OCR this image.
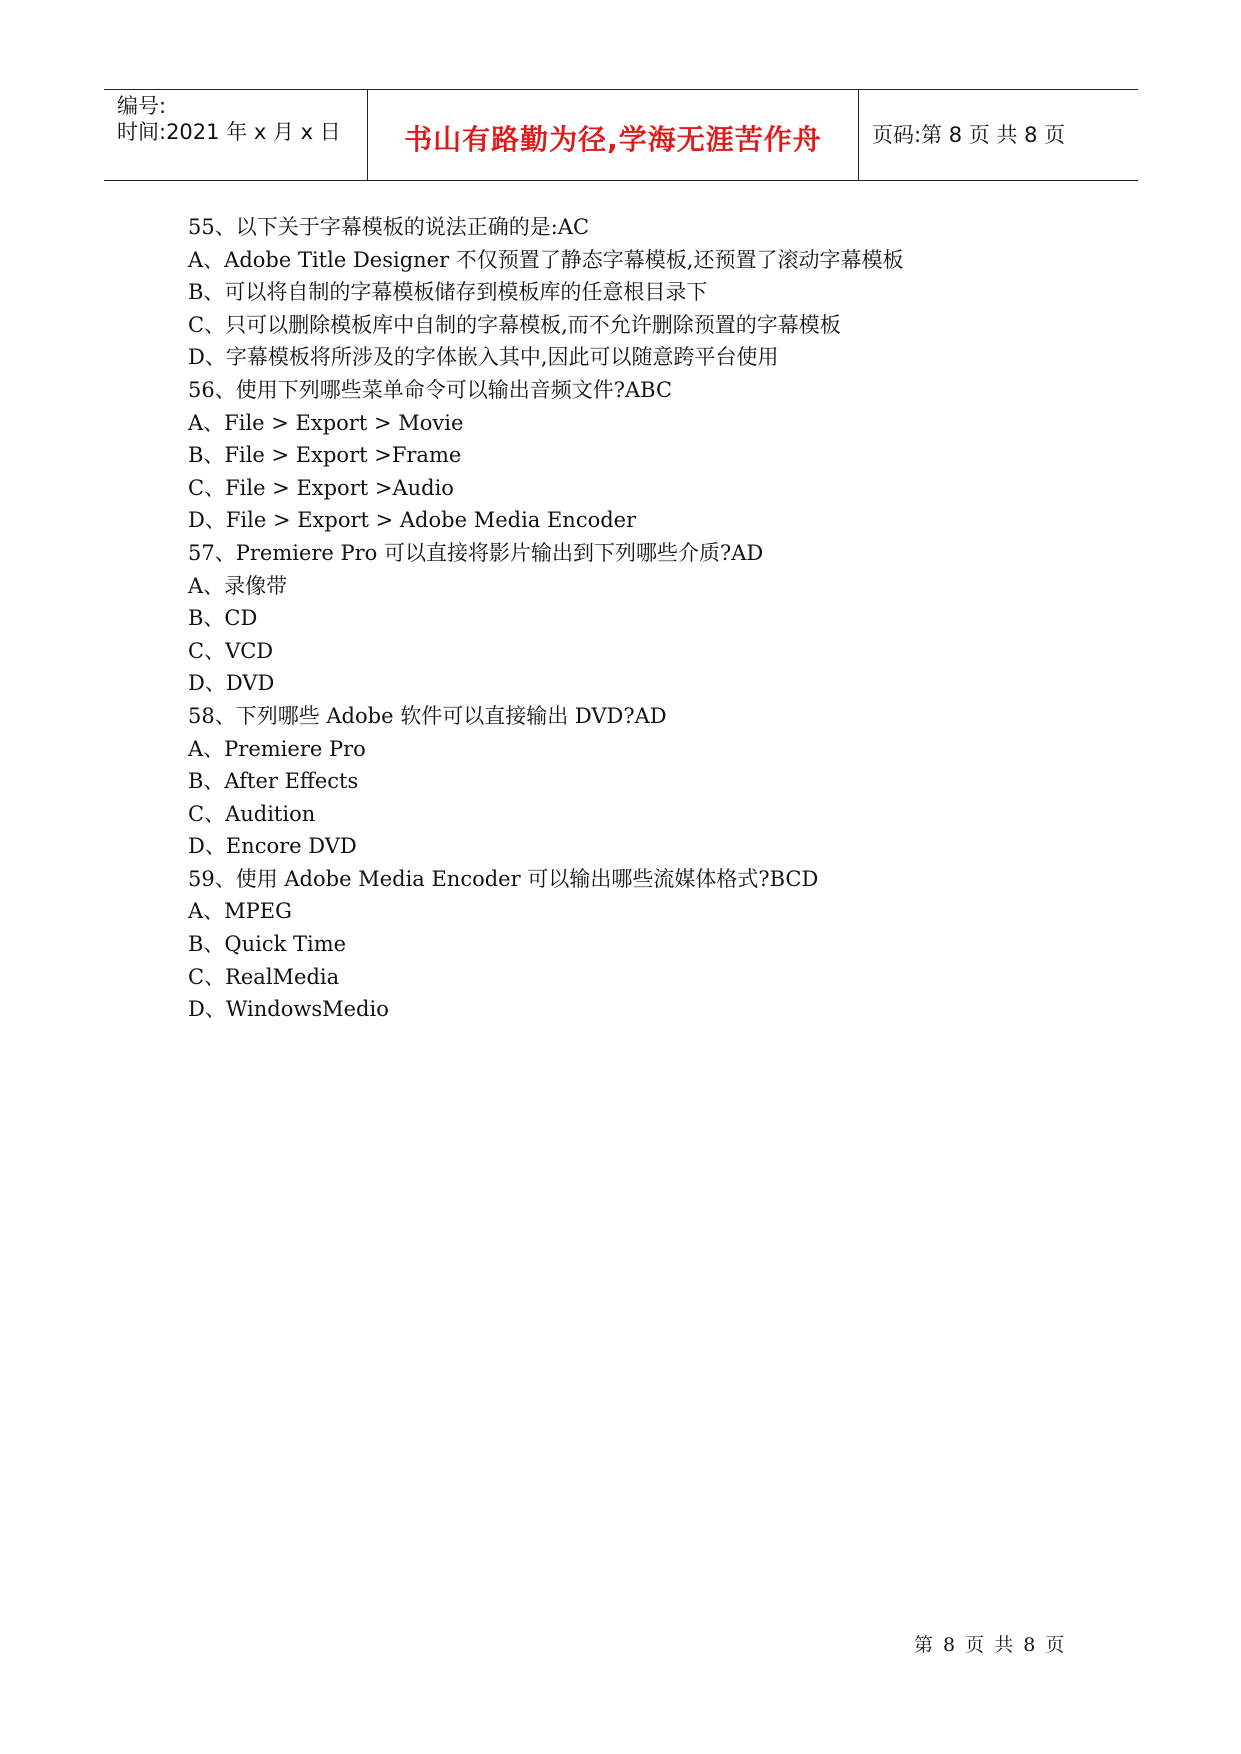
编号:
时间:2021 年 x 月 x 日	书山有路勤为径,学海无涯苦作舟	页码:第 8 页 共 8 页
55、以下关于字幕模板的说法正确的是:AC
A、Adobe Title Designer 不仅预置了静态字幕模板,还预置了滚动字幕模板
B、可以将自制的字幕模板储存到模板库的任意根目录下
C、只可以删除模板库中自制的字幕模板,而不允许删除预置的字幕模板
D、字幕模板将所涉及的字体嵌入其中,因此可以随意跨平台使用
56、使用下列哪些菜单命令可以输出音频文件?ABC
A、File > Export > Movie
B、File > Export >Frame
C、File > Export >Audio
D、File > Export > Adobe Media Encoder
57、Premiere Pro 可以直接将影片输出到下列哪些介质?AD
A、录像带
B、CD
C、VCD
D、DVD
58、下列哪些 Adobe 软件可以直接输出 DVD?AD
A、Premiere Pro
B、After Effects
C、Audition
D、Encore DVD
59、使用 Adobe Media Encoder 可以输出哪些流媒体格式?BCD
A、MPEG
B、Quick Time
C、RealMedia
D、WindowsMedio
第 8 页 共 8 页
